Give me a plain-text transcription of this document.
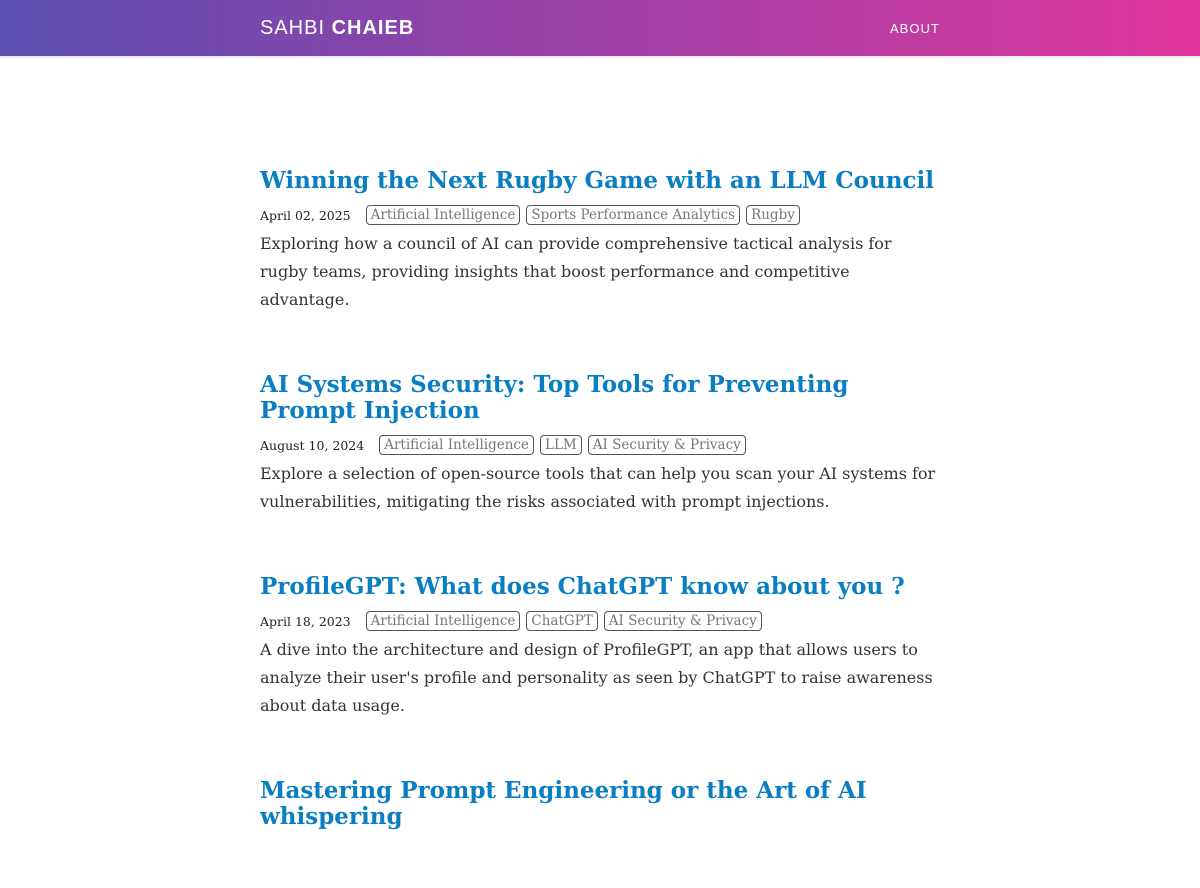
SAHBI CHAIEB	ABOUT
Winning the Next Rugby Game with an LLM Council
April 02, 2025	Artificial Intelligence	Sports Performance Analytics	Rugby

Exploring how a council of AI can provide comprehensive tactical analysis for rugby teams, providing insights that boost performance and competitive advantage.

AI Systems Security: Top Tools for Preventing Prompt Injection
August 10, 2024	Artificial Intelligence	LLM	AI Security & Privacy

Explore a selection of open-source tools that can help you scan your AI systems for vulnerabilities, mitigating the risks associated with prompt injections.

ProfileGPT: What does ChatGPT know about you ?
April 18, 2023	Artificial Intelligence	ChatGPT	AI Security & Privacy

A dive into the architecture and design of ProfileGPT, an app that allows users to analyze their user's profile and personality as seen by ChatGPT to raise awareness about data usage.

Mastering Prompt Engineering or the Art of AI whispering
